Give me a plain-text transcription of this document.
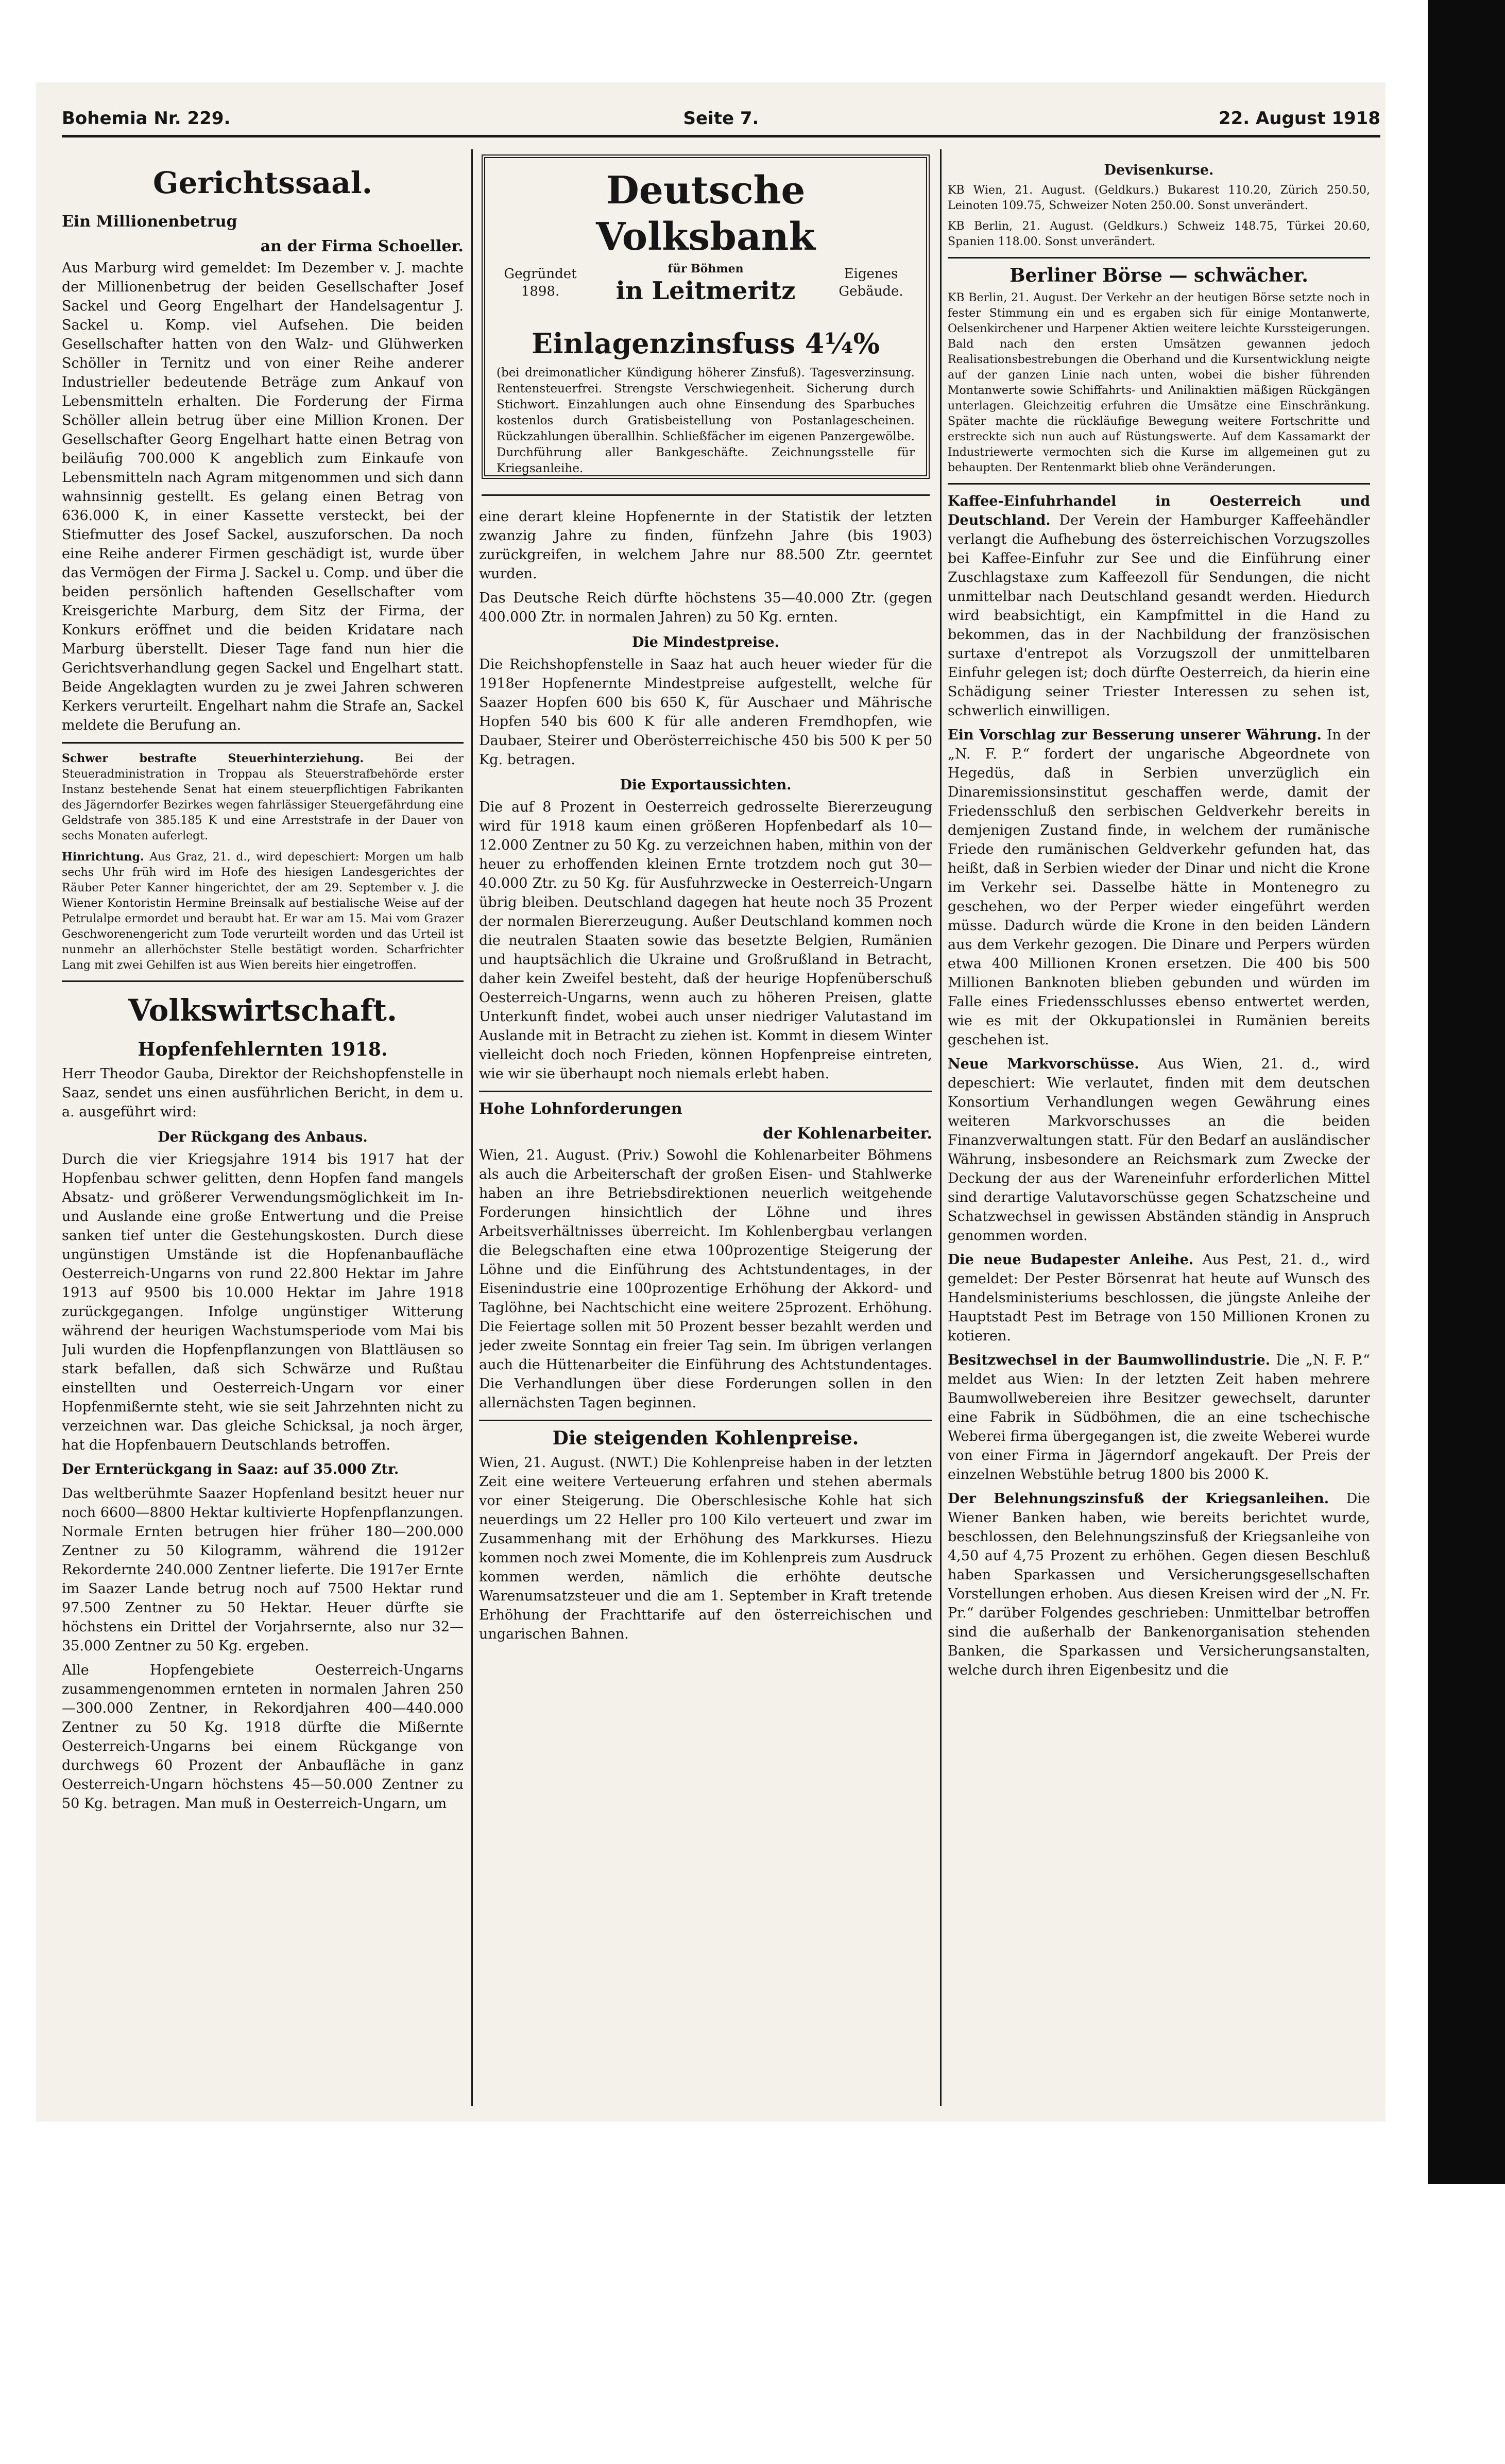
Bohemia Nr. 229.	Seite 7.	22. August 1918
Gerichtssaal.
Ein Millionenbetrug
an der Firma Schoeller.

Aus Marburg wird gemeldet: Im Dezember v. J. machte der Millionenbetrug der beiden Gesellschafter Josef Sackel und Georg Engelhart der Handelsagentur J. Sackel u. Komp. viel Aufsehen. Die beiden Gesellschafter hatten von den Walz- und Glühwerken Schöller in Ternitz und von einer Reihe anderer Industrieller bedeutende Beträge zum Ankauf von Lebensmitteln erhalten. Die Forderung der Firma Schöller allein betrug über eine Million Kronen. Der Gesellschafter Georg Engelhart hatte einen Betrag von beiläufig 700.000 K angeblich zum Einkaufe von Lebensmitteln nach Agram mitgenommen und sich dann wahnsinnig gestellt. Es gelang einen Betrag von 636.000 K, in einer Kassette versteckt, bei der Stiefmutter des Josef Sackel, auszuforschen. Da noch eine Reihe anderer Firmen geschädigt ist, wurde über das Vermögen der Firma J. Sackel u. Comp. und über die beiden persönlich haftenden Gesellschafter vom Kreisgerichte Marburg, dem Sitz der Firma, der Konkurs eröffnet und die beiden Kridatare nach Marburg überstellt. Dieser Tage fand nun hier die Gerichtsverhandlung gegen Sackel und Engelhart statt. Beide Angeklagten wurden zu je zwei Jahren schweren Kerkers verurteilt. Engelhart nahm die Strafe an, Sackel meldete die Berufung an.

Schwer bestrafte Steuerhinterziehung.	Bei der Steueradministration in Troppau als Steuerstrafbehörde erster Instanz bestehende Senat hat einem steuerpflichtigen Fabrikanten des Jägerndorfer Bezirkes wegen fahrlässiger Steuergefährdung eine Geldstrafe von 385.185 K und eine Arreststrafe in der Dauer von sechs Monaten auferlegt.

Hinrichtung. Aus Graz, 21. d., wird depeschiert: Morgen um halb sechs Uhr früh wird im Hofe des hiesigen Landesgerichtes der Räuber Peter Kanner hingerichtet, der am 29. September v. J. die Wiener Kontoristin Hermine Breinsalk auf bestialische Weise auf der Petrulalpe ermordet und beraubt hat. Er war am 15. Mai vom Grazer Geschworenengericht zum Tode verurteilt worden und das Urteil ist nunmehr an allerhöchster Stelle bestätigt worden. Scharfrichter Lang mit zwei Gehilfen ist aus Wien bereits hier eingetroffen.

Volkswirtschaft.
Hopfenfehlernten 1918.

Herr Theodor Gauba, Direktor der Reichshopfenstelle in Saaz, sendet uns einen ausführlichen Bericht, in dem u. a. ausgeführt wird:

Der Rückgang des Anbaus.

Durch die vier Kriegsjahre 1914 bis 1917 hat der Hopfenbau schwer gelitten, denn Hopfen fand mangels Absatz- und größerer Verwendungsmöglichkeit im In- und Auslande eine große Entwertung und die Preise sanken tief unter die Gestehungskosten. Durch diese ungünstigen Umstände ist die Hopfenanbaufläche Oesterreich-Ungarns von rund 22.800 Hektar im Jahre 1913 auf 9500 bis 10.000 Hektar im Jahre 1918 zurückgegangen. Infolge ungünstiger Witterung während der heurigen Wachstumsperiode vom Mai bis Juli wurden die Hopfenpflanzungen von Blattläusen so stark befallen, daß sich Schwärze und Rußtau einstellten und Oesterreich-Ungarn vor einer Hopfenmißernte steht, wie sie seit Jahrzehnten nicht zu verzeichnen war. Das gleiche Schicksal, ja noch ärger, hat die Hopfenbauern Deutschlands betroffen.

Der Ernterückgang in Saaz: auf 35.000 Ztr.

Das weltberühmte Saazer Hopfenland besitzt heuer nur noch 6600—8800 Hektar kultivierte Hopfenpflanzungen. Normale Ernten betrugen hier früher 180—200.000 Zentner zu 50 Kilogramm, während die 1912er Rekordernte 240.000 Zentner lieferte. Die 1917er Ernte im Saazer Lande betrug noch auf 7500 Hektar rund 97.500 Zentner zu 50 Hektar. Heuer dürfte sie höchstens ein Drittel der Vorjahrsernte, also nur 32—35.000 Zentner zu 50 Kg. ergeben.

Alle Hopfengebiete Oesterreich-Ungarns zusammengenommen ernteten in normalen Jahren 250—300.000 Zentner, in Rekordjahren 400—440.000 Zentner zu 50 Kg. 1918 dürfte die Mißernte Oesterreich-Ungarns bei einem Rückgange von durchwegs 60 Prozent der Anbaufläche in ganz Oesterreich-Ungarn höchstens 45—50.000 Zentner zu 50 Kg. betragen. Man muß in Oesterreich-Ungarn, um

Deutsche Volksbank
Gegründet 1898.
für Böhmen
in Leitmeritz
Eigenes Gebäude.
Einlagenzinsfuss 4¼%
(bei dreimonatlicher Kündigung höherer Zinsfuß). Tagesverzinsung. Rentensteuerfrei. Strengste Verschwiegenheit. Sicherung durch Stichwort. Einzahlungen auch ohne Einsendung des Sparbuches kostenlos durch Gratisbeistellung von Postanlagescheinen. Rückzahlungen überallhin. Schließfächer im eigenen Panzergewölbe. Durchführung aller Bankgeschäfte. Zeichnungsstelle für Kriegsanleihe.

eine derart kleine Hopfenernte in der Statistik der letzten zwanzig Jahre zu finden, fünfzehn Jahre (bis 1903) zurückgreifen, in welchem Jahre nur 88.500 Ztr. geerntet wurden.

Das Deutsche Reich dürfte höchstens 35—40.000 Ztr. (gegen 400.000 Ztr. in normalen Jahren) zu 50 Kg. ernten.

Die Mindestpreise.

Die Reichshopfenstelle in Saaz hat auch heuer wieder für die 1918er Hopfenernte Mindestpreise aufgestellt, welche für Saazer Hopfen 600 bis 650 K, für Auschaer und Mährische Hopfen 540 bis 600 K für alle anderen Fremdhopfen, wie Daubaer, Steirer und Oberösterreichische 450 bis 500 K per 50 Kg. betragen.

Die Exportaussichten.

Die auf 8 Prozent in Oesterreich gedrosselte Biererzeugung wird für 1918 kaum einen größeren Hopfenbedarf als 10—12.000 Zentner zu 50 Kg. zu verzeichnen haben, mithin von der heuer zu erhoffenden kleinen Ernte trotzdem noch gut 30—40.000 Ztr. zu 50 Kg. für Ausfuhrzwecke in Oesterreich-Ungarn übrig bleiben. Deutschland dagegen hat heute noch 35 Prozent der normalen Biererzeugung. Außer Deutschland kommen noch die neutralen Staaten sowie das besetzte Belgien, Rumänien und hauptsächlich die Ukraine und Großrußland in Betracht, daher kein Zweifel besteht, daß der heurige Hopfenüberschuß Oesterreich-Ungarns, wenn auch zu höheren Preisen, glatte Unterkunft findet, wobei auch unser niedriger Valutastand im Auslande mit in Betracht zu ziehen ist. Kommt in diesem Winter vielleicht doch noch Frieden, können Hopfenpreise eintreten, wie wir sie überhaupt noch niemals erlebt haben.

Hohe Lohnforderungen
der Kohlenarbeiter.

Wien, 21. August. (Priv.) Sowohl die Kohlenarbeiter Böhmens als auch die Arbeiterschaft der großen Eisen- und Stahlwerke haben an ihre Betriebsdirektionen neuerlich weitgehende Forderungen hinsichtlich der Löhne und ihres Arbeitsverhältnisses überreicht. Im Kohlenbergbau verlangen die Belegschaften eine etwa 100prozentige Steigerung der Löhne und die Einführung des Achtstundentages, in der Eisenindustrie eine 100prozentige Erhöhung der Akkord- und Taglöhne, bei Nachtschicht eine weitere 25prozent. Erhöhung. Die Feiertage sollen mit 50 Prozent besser bezahlt werden und jeder zweite Sonntag ein freier Tag sein. Im übrigen verlangen auch die Hüttenarbeiter die Einführung des Achtstundentages. Die Verhandlungen über diese Forderungen sollen in den allernächsten Tagen beginnen.

Die steigenden Kohlenpreise.

Wien, 21. August. (NWT.) Die Kohlenpreise haben in der letzten Zeit eine weitere Verteuerung erfahren und stehen abermals vor einer Steigerung. Die Oberschlesische Kohle hat sich neuerdings um 22 Heller pro 100 Kilo verteuert und zwar im Zusammenhang mit der Erhöhung des Markkurses. Hiezu kommen noch zwei Momente, die im Kohlenpreis zum Ausdruck kommen werden, nämlich die erhöhte deutsche Warenumsatzsteuer und die am 1. September in Kraft tretende Erhöhung der Frachttarife auf den österreichischen und ungarischen Bahnen.

Devisenkurse.

KB Wien, 21. August. (Geldkurs.) Bukarest 110.20, Zürich 250.50, Leinoten 109.75, Schweizer Noten 250.00. Sonst unverändert.

KB Berlin, 21. August. (Geldkurs.) Schweiz 148.75, Türkei 20.60, Spanien 118.00. Sonst unverändert.

Berliner Börse — schwächer.

KB Berlin, 21. August. Der Verkehr an der heutigen Börse setzte noch in fester Stimmung ein und es ergaben sich für einige Montanwerte, Oelsenkirchener und Harpener Aktien weitere leichte Kurssteigerungen. Bald nach den ersten Umsätzen gewannen jedoch Realisationsbestrebungen die Oberhand und die Kursentwicklung neigte auf der ganzen Linie nach unten, wobei die bisher führenden Montanwerte sowie Schiffahrts- und Anilinaktien mäßigen Rückgängen unterlagen. Gleichzeitig erfuhren die Umsätze eine Einschränkung. Später machte die rückläufige Bewegung weitere Fortschritte und erstreckte sich nun auch auf Rüstungswerte. Auf dem Kassamarkt der Industriewerte vermochten sich die Kurse im allgemeinen gut zu behaupten. Der Rentenmarkt blieb ohne Veränderungen.

Kaffee-Einfuhrhandel in Oesterreich und Deutschland. Der Verein der Hamburger Kaffeehändler verlangt die Aufhebung des österreichischen Vorzugszolles bei Kaffee-Einfuhr zur See und die Einführung einer Zuschlagstaxe zum Kaffeezoll für Sendungen, die nicht unmittelbar nach Deutschland gesandt werden. Hiedurch wird beabsichtigt, ein Kampfmittel in die Hand zu bekommen, das in der Nachbildung der französischen surtaxe d'entrepot als Vorzugszoll der unmittelbaren Einfuhr gelegen ist; doch dürfte Oesterreich, da hierin eine Schädigung seiner Triester Interessen zu sehen ist, schwerlich einwilligen.

Ein Vorschlag zur Besserung unserer Währung. In der „N. F. P.“ fordert der ungarische Abgeordnete von Hegedüs, daß in Serbien unverzüglich ein Dinaremissionsinstitut geschaffen werde, damit der Friedensschluß den serbischen Geldverkehr bereits in demjenigen Zustand finde, in welchem der rumänische Friede den rumänischen Geldverkehr gefunden hat, das heißt, daß in Serbien wieder der Dinar und nicht die Krone im Verkehr sei. Dasselbe hätte in Montenegro zu geschehen, wo der Perper wieder eingeführt werden müsse. Dadurch würde die Krone in den beiden Ländern aus dem Verkehr gezogen. Die Dinare und Perpers würden etwa 400 Millionen Kronen ersetzen. Die 400 bis 500 Millionen Banknoten blieben gebunden und würden im Falle eines Friedensschlusses ebenso entwertet werden, wie es mit der Okkupationslei in Rumänien bereits geschehen ist.

Neue Markvorschüsse. Aus Wien, 21. d., wird depeschiert: Wie verlautet, finden mit dem deutschen Konsortium Verhandlungen wegen Gewährung eines weiteren Markvorschusses an die beiden Finanzverwaltungen statt. Für den Bedarf an ausländischer Währung, insbesondere an Reichsmark zum Zwecke der Deckung der aus der Wareneinfuhr erforderlichen Mittel sind derartige Valutavorschüsse gegen Schatzscheine und Schatzwechsel in gewissen Abständen ständig in Anspruch genommen worden.

Die neue Budapester Anleihe. Aus Pest, 21. d., wird gemeldet: Der Pester Börsenrat hat heute auf Wunsch des Handelsministeriums beschlossen, die jüngste Anleihe der Hauptstadt Pest im Betrage von 150 Millionen Kronen zu kotieren.

Besitzwechsel in der Baumwollindustrie. Die „N. F. P.“ meldet aus Wien: In der letzten Zeit haben mehrere Baumwollwebereien ihre Besitzer gewechselt, darunter eine Fabrik in Südböhmen, die an eine tschechische Weberei firma übergegangen ist, die zweite Weberei wurde von einer Firma in Jägerndorf angekauft. Der Preis der einzelnen Webstühle betrug 1800 bis 2000 K.

Der Belehnungszinsfuß der Kriegsanleihen. Die Wiener Banken haben, wie bereits berichtet wurde, beschlossen, den Belehnungszinsfuß der Kriegsanleihe von 4,50 auf 4,75 Prozent zu erhöhen. Gegen diesen Beschluß haben Sparkassen und Versicherungsgesellschaften Vorstellungen erhoben. Aus diesen Kreisen wird der „N. Fr. Pr.“ darüber Folgendes geschrieben: Unmittelbar betroffen sind die außerhalb der Bankenorganisation stehenden Banken, die Sparkassen und Versicherungsanstalten, welche durch ihren Eigenbesitz und die
